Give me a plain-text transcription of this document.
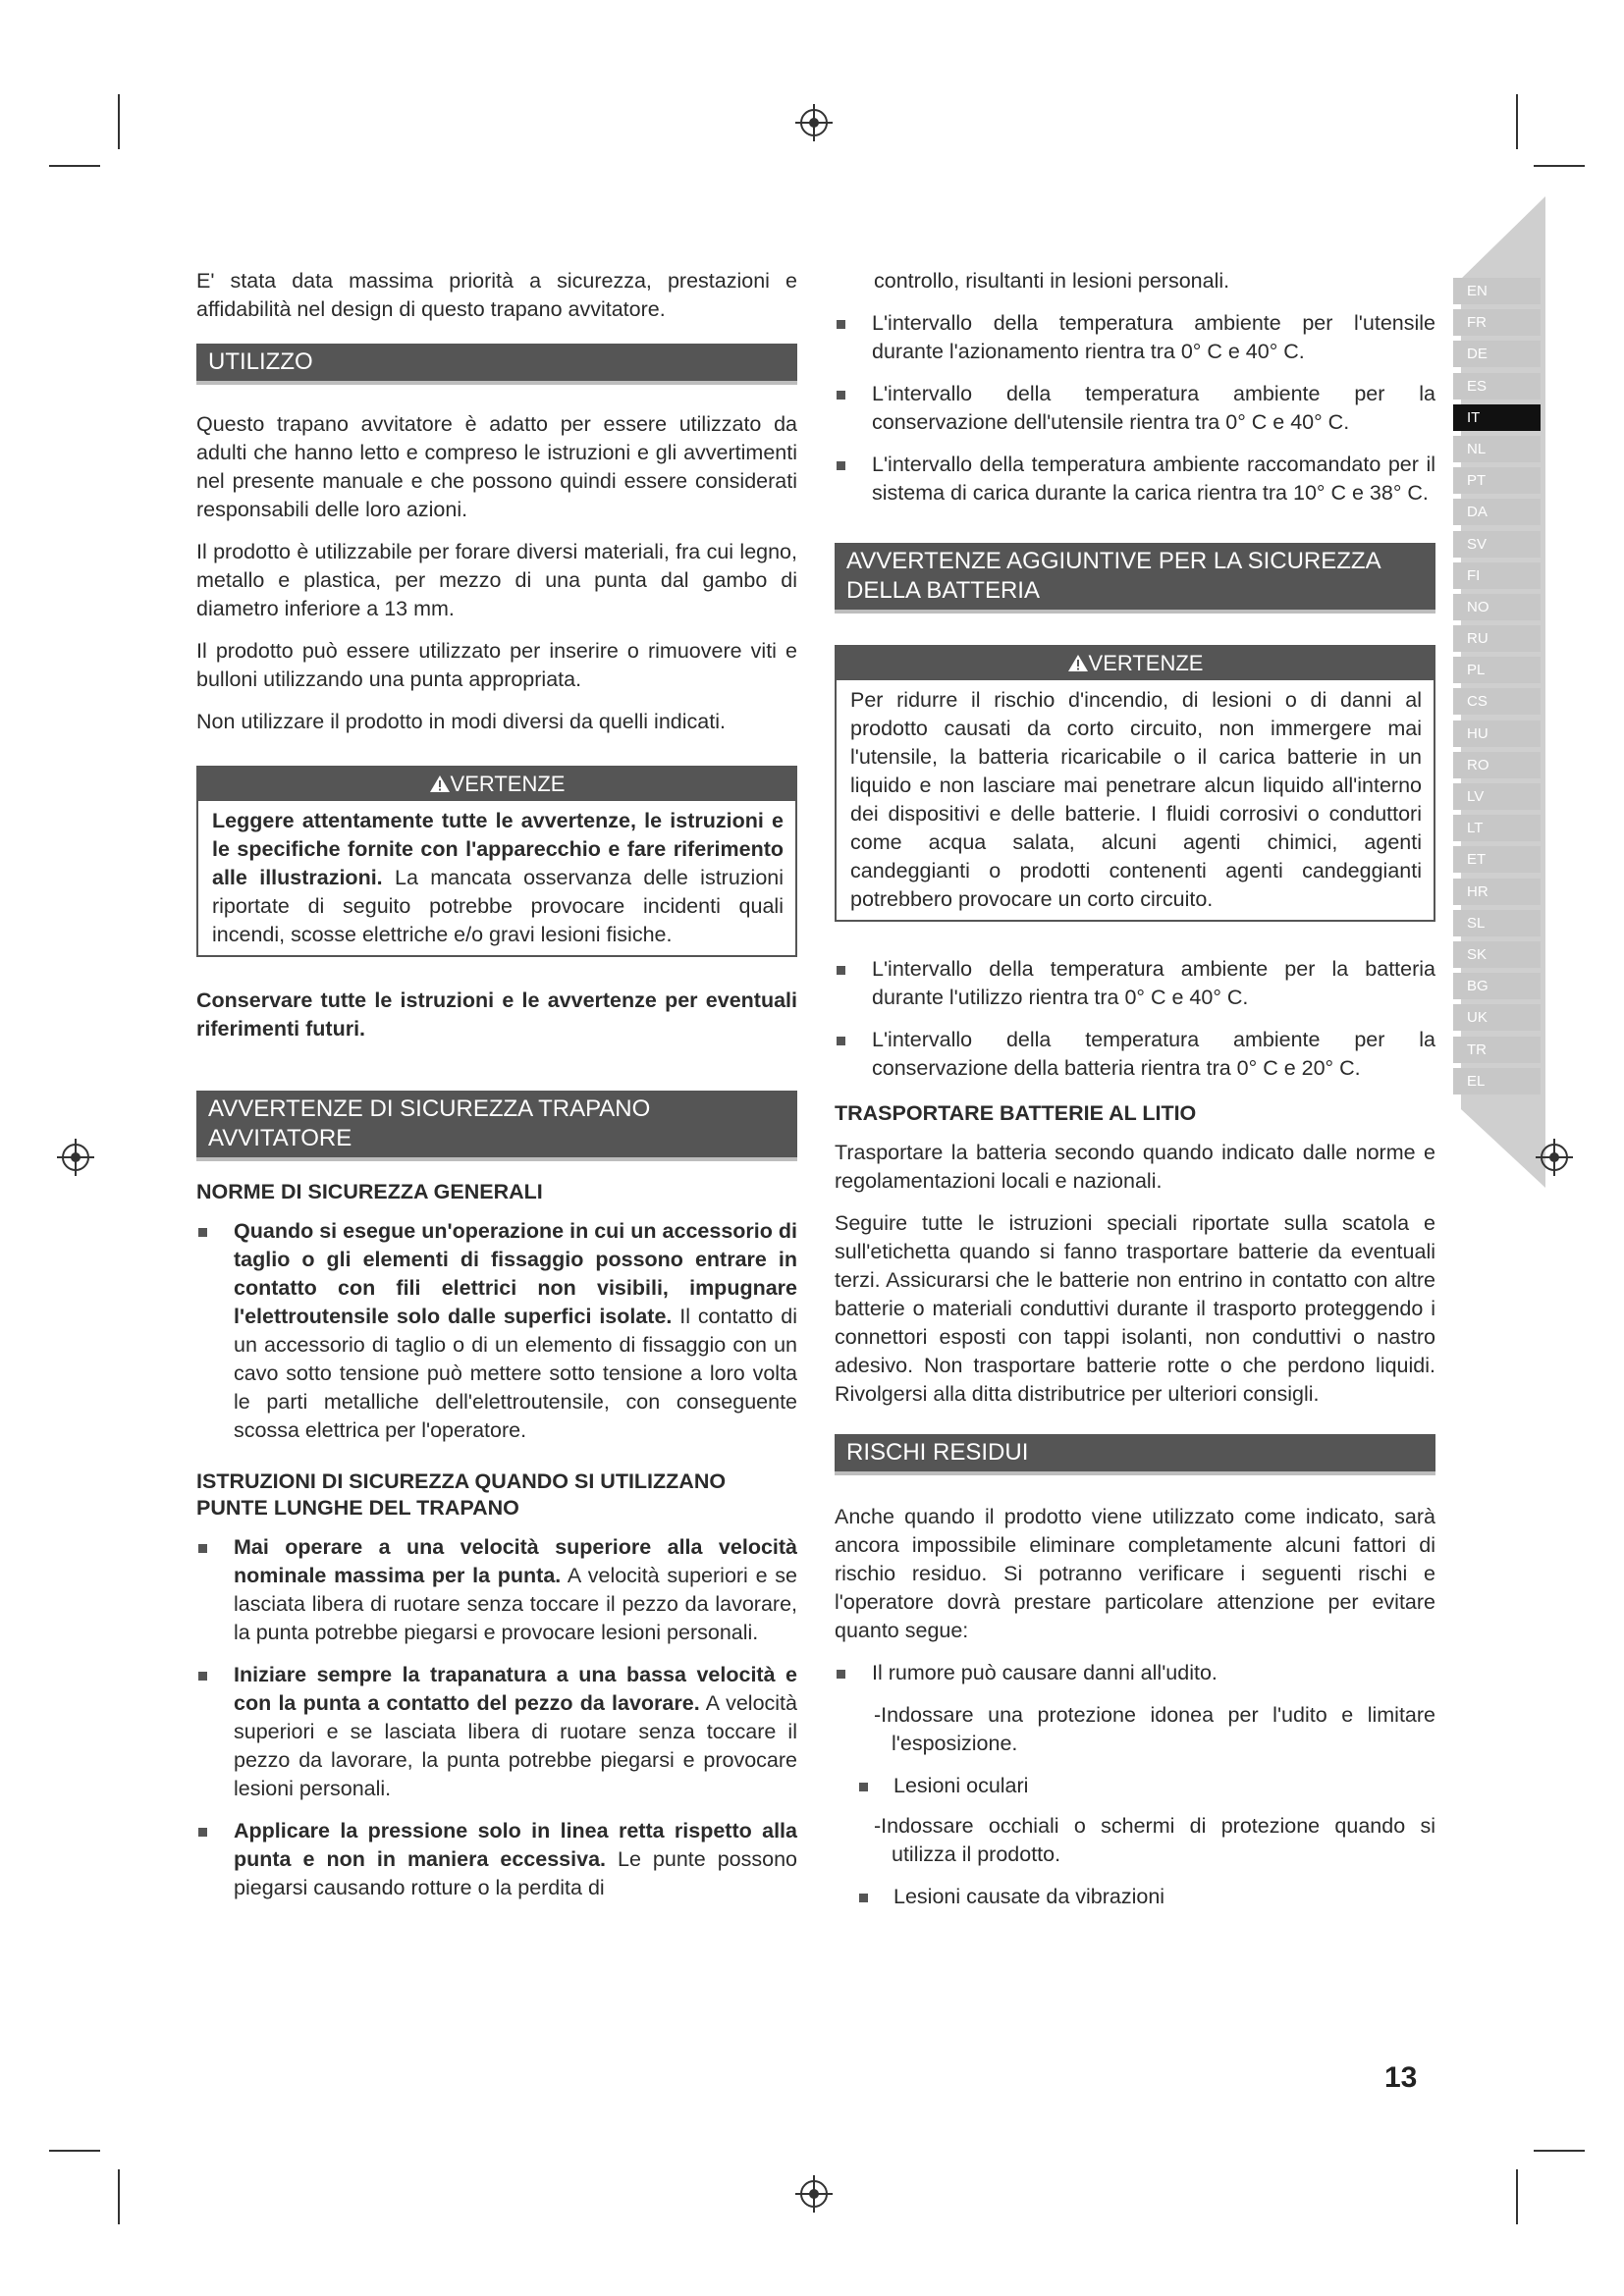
EN
FR
DE
ES
IT
NL
PT
DA
SV
FI
NO
RU
PL
CS
HU
RO
LV
LT
ET
HR
SL
SK
BG
UK
TR
EL

E' stata data massima priorità a sicurezza, prestazioni e affidabilità nel design di questo trapano avvitatore.

UTILIZZO

Questo trapano avvitatore è adatto per essere utilizzato da adulti che hanno letto e compreso le istruzioni e gli avvertimenti nel presente manuale e che possono quindi essere considerati responsabili delle loro azioni.

Il prodotto è utilizzabile per forare diversi materiali, fra cui legno, metallo e plastica, per mezzo di una punta dal gambo di diametro inferiore a 13 mm.

Il prodotto può essere utilizzato per inserire o rimuovere viti e bulloni utilizzando una punta appropriata.

Non utilizzare il prodotto in modi diversi da quelli indicati.

VERTENZE
Leggere attentamente tutte le avvertenze, le istruzioni e le specifiche fornite con l'apparecchio e fare riferimento alle illustrazioni. La mancata osservanza delle istruzioni riportate di seguito potrebbe provocare incidenti quali incendi, scosse elettriche e/o gravi lesioni fisiche.

Conservare tutte le istruzioni e le avvertenze per eventuali riferimenti futuri.

AVVERTENZE DI SICUREZZA TRAPANO AVVITATORE
NORME DI SICUREZZA GENERALI
Quando si esegue un'operazione in cui un accessorio di taglio o gli elementi di fissaggio possono entrare in contatto con fili elettrici non visibili, impugnare l'elettroutensile solo dalle superfici isolate. Il contatto di un accessorio di taglio o di un elemento di fissaggio con un cavo sotto tensione può mettere sotto tensione a loro volta le parti metalliche dell'elettroutensile, con conseguente scossa elettrica per l'operatore.
ISTRUZIONI DI SICUREZZA QUANDO SI UTILIZZANO PUNTE LUNGHE DEL TRAPANO
Mai operare a una velocità superiore alla velocità nominale massima per la punta. A velocità superiori e se lasciata libera di ruotare senza toccare il pezzo da lavorare, la punta potrebbe piegarsi e provocare lesioni personali.
Iniziare sempre la trapanatura a una bassa velocità e con la punta a contatto del pezzo da lavorare. A velocità superiori e se lasciata libera di ruotare senza toccare il pezzo da lavorare, la punta potrebbe piegarsi e provocare lesioni personali.
Applicare la pressione solo in linea retta rispetto alla punta e non in maniera eccessiva. Le punte possono piegarsi causando rotture o la perdita di

controllo, risultanti in lesioni personali.

L'intervallo della temperatura ambiente per l'utensile durante l'azionamento rientra tra 0° C e 40° C.
L'intervallo della temperatura ambiente per la conservazione dell'utensile rientra tra 0° C e 40° C.
L'intervallo della temperatura ambiente raccomandato per il sistema di carica durante la carica rientra tra 10° C e 38° C.
AVVERTENZE AGGIUNTIVE PER LA SICUREZZA DELLA BATTERIA
VERTENZE
Per ridurre il rischio d'incendio, di lesioni o di danni al prodotto causati da corto circuito, non immergere mai l'utensile, la batteria ricaricabile o il carica batterie in un liquido e non lasciare mai penetrare alcun liquido all'interno dei dispositivi e delle batterie. I fluidi corrosivi o conduttori come acqua salata, alcuni agenti chimici, agenti candeggianti o prodotti contenenti agenti candeggianti potrebbero provocare un corto circuito.
L'intervallo della temperatura ambiente per la batteria durante l'utilizzo rientra tra 0° C e 40° C.
L'intervallo della temperatura ambiente per la conservazione della batteria rientra tra 0° C e 20° C.
TRASPORTARE BATTERIE AL LITIO

Trasportare la batteria secondo quando indicato dalle norme e regolamentazioni locali e nazionali.

Seguire tutte le istruzioni speciali riportate sulla scatola e sull'etichetta quando si fanno trasportare batterie da eventuali terzi. Assicurarsi che le batterie non entrino in contatto con altre batterie o materiali conduttivi durante il trasporto proteggendo i connettori esposti con tappi isolanti, non conduttivi o nastro adesivo. Non trasportare batterie rotte o che perdono liquidi. Rivolgersi alla ditta distributrice per ulteriori consigli.

RISCHI RESIDUI

Anche quando il prodotto viene utilizzato come indicato, sarà ancora impossibile eliminare completamente alcuni fattori di rischio residuo. Si potranno verificare i seguenti rischi e l'operatore dovrà prestare particolare attenzione per evitare quanto segue:

Il rumore può causare danni all'udito.

-Indossare una protezione idonea per l'udito e limitare l'esposizione.

Lesioni oculari

-Indossare occhiali o schermi di protezione quando si utilizza il prodotto.

Lesioni causate da vibrazioni
13
